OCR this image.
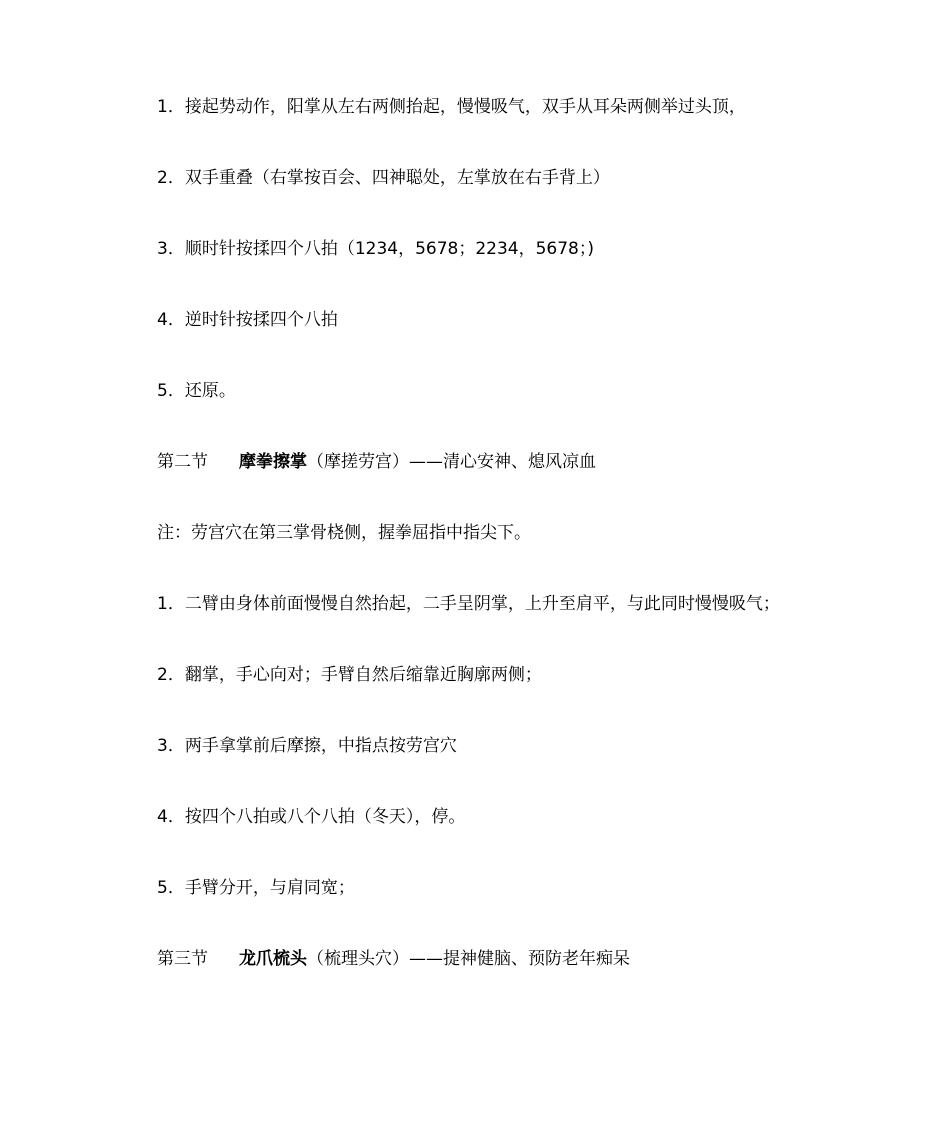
1．接起势动作，阳掌从左右两侧抬起，慢慢吸气，双手从耳朵两侧举过头顶，
2．双手重叠（右掌按百会、四神聪处，左掌放在右手背上）
3．顺时针按揉四个八拍（1234，5678；2234，5678；)
4．逆时针按揉四个八拍
5．还原。
第二节 摩拳擦掌（摩搓劳宫）——清心安神、熄风凉血
注：劳宫穴在第三掌骨桡侧，握拳屈指中指尖下。
1．二臂由身体前面慢慢自然抬起，二手呈阴掌，上升至肩平，与此同时慢慢吸气；
2．翻掌，手心向对；手臂自然后缩靠近胸廓两侧；
3．两手拿掌前后摩擦，中指点按劳宫穴
4．按四个八拍或八个八拍（冬天），停。
5．手臂分开，与肩同宽；
第三节 龙爪梳头（梳理头穴）——提神健脑、预防老年痴呆
